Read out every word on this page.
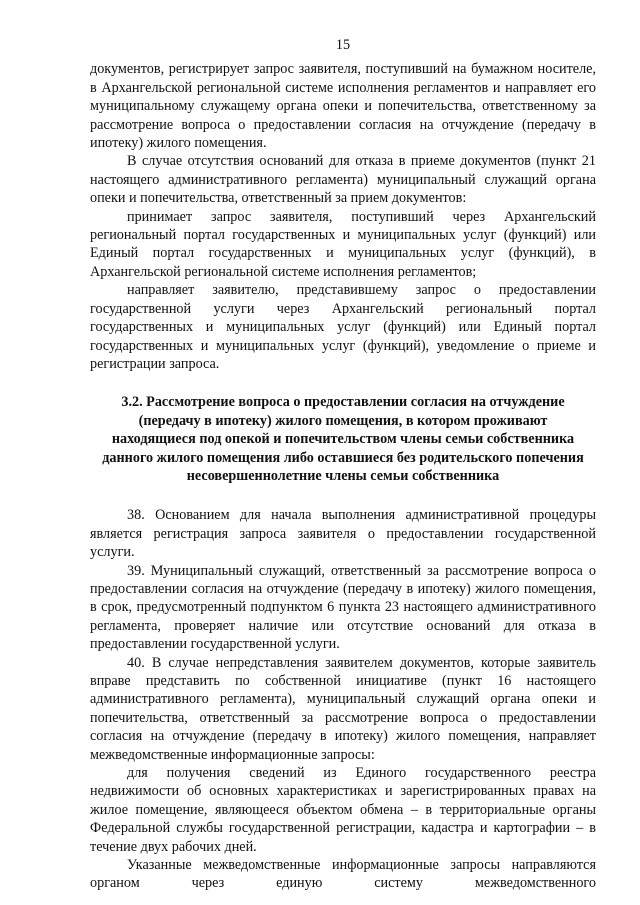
15

документов, регистрирует запрос заявителя, поступивший на бумажном носителе, в Архангельской региональной системе исполнения регламентов и направляет его муниципальному служащему органа опеки и попечительства, ответственному за рассмотрение вопроса о предоставлении согласия на отчуждение (передачу в ипотеку) жилого помещения.

В случае отсутствия оснований для отказа в приеме документов (пункт 21 настоящего административного регламента) муниципальный служащий органа опеки и попечительства, ответственный за прием документов:

принимает запрос заявителя, поступивший через Архангельский региональный портал государственных и муниципальных услуг (функций) или Единый портал государственных и муниципальных услуг (функций), в Архангельской региональной системе исполнения регламентов;

направляет заявителю, представившему запрос о предоставлении государственной услуги через Архангельский региональный портал государственных и муниципальных услуг (функций) или Единый портал государственных и муниципальных услуг (функций), уведомление о приеме и регистрации запроса.

3.2. Рассмотрение вопроса о предоставлении согласия на отчуждение (передачу в ипотеку) жилого помещения, в котором проживают находящиеся под опекой и попечительством члены семьи собственника данного жилого помещения либо оставшиеся без родительского попечения несовершеннолетние члены семьи собственника

38. Основанием для начала выполнения административной процедуры является регистрация запроса заявителя о предоставлении государственной услуги.

39. Муниципальный служащий, ответственный за рассмотрение вопроса о предоставлении согласия на отчуждение (передачу в ипотеку) жилого помещения, в срок, предусмотренный подпунктом 6 пункта 23 настоящего административного регламента, проверяет наличие или отсутствие оснований для отказа в предоставлении государственной услуги.

40. В случае непредставления заявителем документов, которые заявитель вправе представить по собственной инициативе (пункт 16 настоящего административного регламента), муниципальный служащий органа опеки и попечительства, ответственный за рассмотрение вопроса о предоставлении согласия на отчуждение (передачу в ипотеку) жилого помещения, направляет межведомственные информационные запросы:

для получения сведений из Единого государственного реестра недвижимости об основных характеристиках и зарегистрированных правах на жилое помещение, являющееся объектом обмена – в территориальные органы Федеральной службы государственной регистрации, кадастра и картографии – в течение двух рабочих дней.

Указанные межведомственные информационные запросы направляются органом через единую систему межведомственного
